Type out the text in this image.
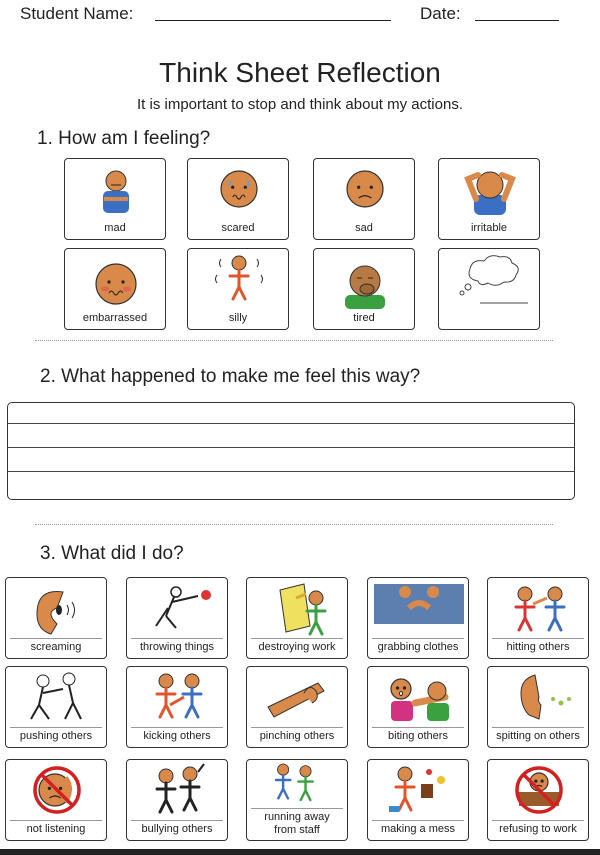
Student Name:	Date:
Think Sheet Reflection
It is important to stop and think about my actions.
1. How am I feeling?
mad	scared	sad	irritable
embarrassed	silly	tired
2. What happened to make me feel this way?
3. What did I do?
screaming	throwing things	destroying work	grabbing clothes	hitting others
pushing others	kicking others	pinching others	biting others	spitting on others
not listening	bullying others
running away
from staff	making a mess	refusing to work
